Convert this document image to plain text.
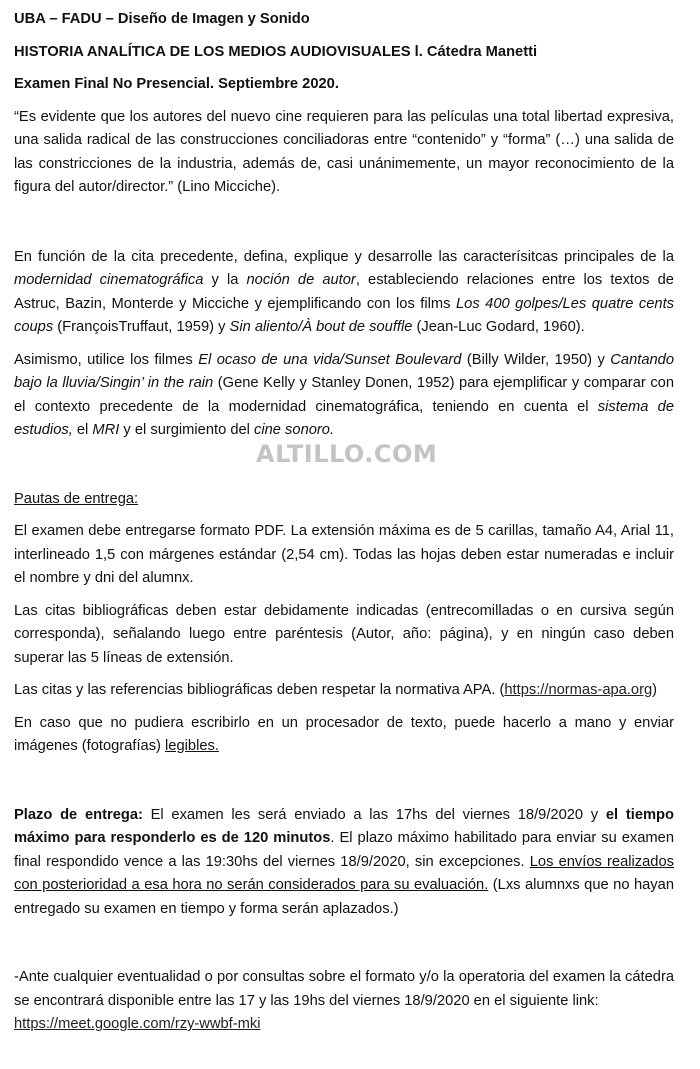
UBA – FADU – Diseño de Imagen y Sonido

HISTORIA ANALÍTICA DE LOS MEDIOS AUDIOVISUALES l. Cátedra Manetti

Examen Final No Presencial. Septiembre 2020.

“Es evidente que los autores del nuevo cine requieren para las películas una total libertad expresiva, una salida radical de las construcciones conciliadoras entre “contenido” y “forma” (…) una salida de las constricciones de la industria, además de, casi unánimemente, un mayor reconocimiento de la figura del autor/director.” (Lino Micciche).

En función de la cita precedente, defina, explique y desarrolle las caracterísitcas principales de la modernidad cinematográfica y la noción de autor, estableciendo relaciones entre los textos de Astruc, Bazin, Monterde y Micciche y ejemplificando con los films Los 400 golpes/Les quatre cents coups (FrançoisTruffaut, 1959) y Sin aliento/À bout de souffle (Jean-Luc Godard, 1960).

Asimismo, utilice los filmes El ocaso de una vida/Sunset Boulevard (Billy Wilder, 1950) y Cantando bajo la lluvia/Singin’ in the rain (Gene Kelly y Stanley Donen, 1952) para ejemplificar y comparar con el contexto precedente de la modernidad cinematográfica, teniendo en cuenta el sistema de estudios, el MRI y el surgimiento del cine sonoro.

Pautas de entrega:

El examen debe entregarse formato PDF. La extensión máxima es de 5 carillas, tamaño A4, Arial 11, interlineado 1,5 con márgenes estándar (2,54 cm). Todas las hojas deben estar numeradas e incluir el nombre y dni del alumnx.

Las citas bibliográficas deben estar debidamente indicadas (entrecomilladas o en cursiva según corresponda), señalando luego entre paréntesis (Autor, año: página), y en ningún caso deben superar las 5 líneas de extensión.

Las citas y las referencias bibliográficas deben respetar la normativa APA. (https://normas-apa.org)

En caso que no pudiera escribirlo en un procesador de texto, puede hacerlo a mano y enviar imágenes (fotografías) legibles.

Plazo de entrega: El examen les será enviado a las 17hs del viernes 18/9/2020 y el tiempo máximo para responderlo es de 120 minutos. El plazo máximo habilitado para enviar su examen final respondido vence a las 19:30hs del viernes 18/9/2020, sin excepciones. Los envíos realizados con posterioridad a esa hora no serán considerados para su evaluación. (Lxs alumnxs que no hayan entregado su examen en tiempo y forma serán aplazados.)

-Ante cualquier eventualidad o por consultas sobre el formato y/o la operatoria del examen la cátedra se encontrará disponible entre las 17 y las 19hs del viernes 18/9/2020 en el siguiente link:

https://meet.google.com/rzy-wwbf-mki

ALTILLO.COM
